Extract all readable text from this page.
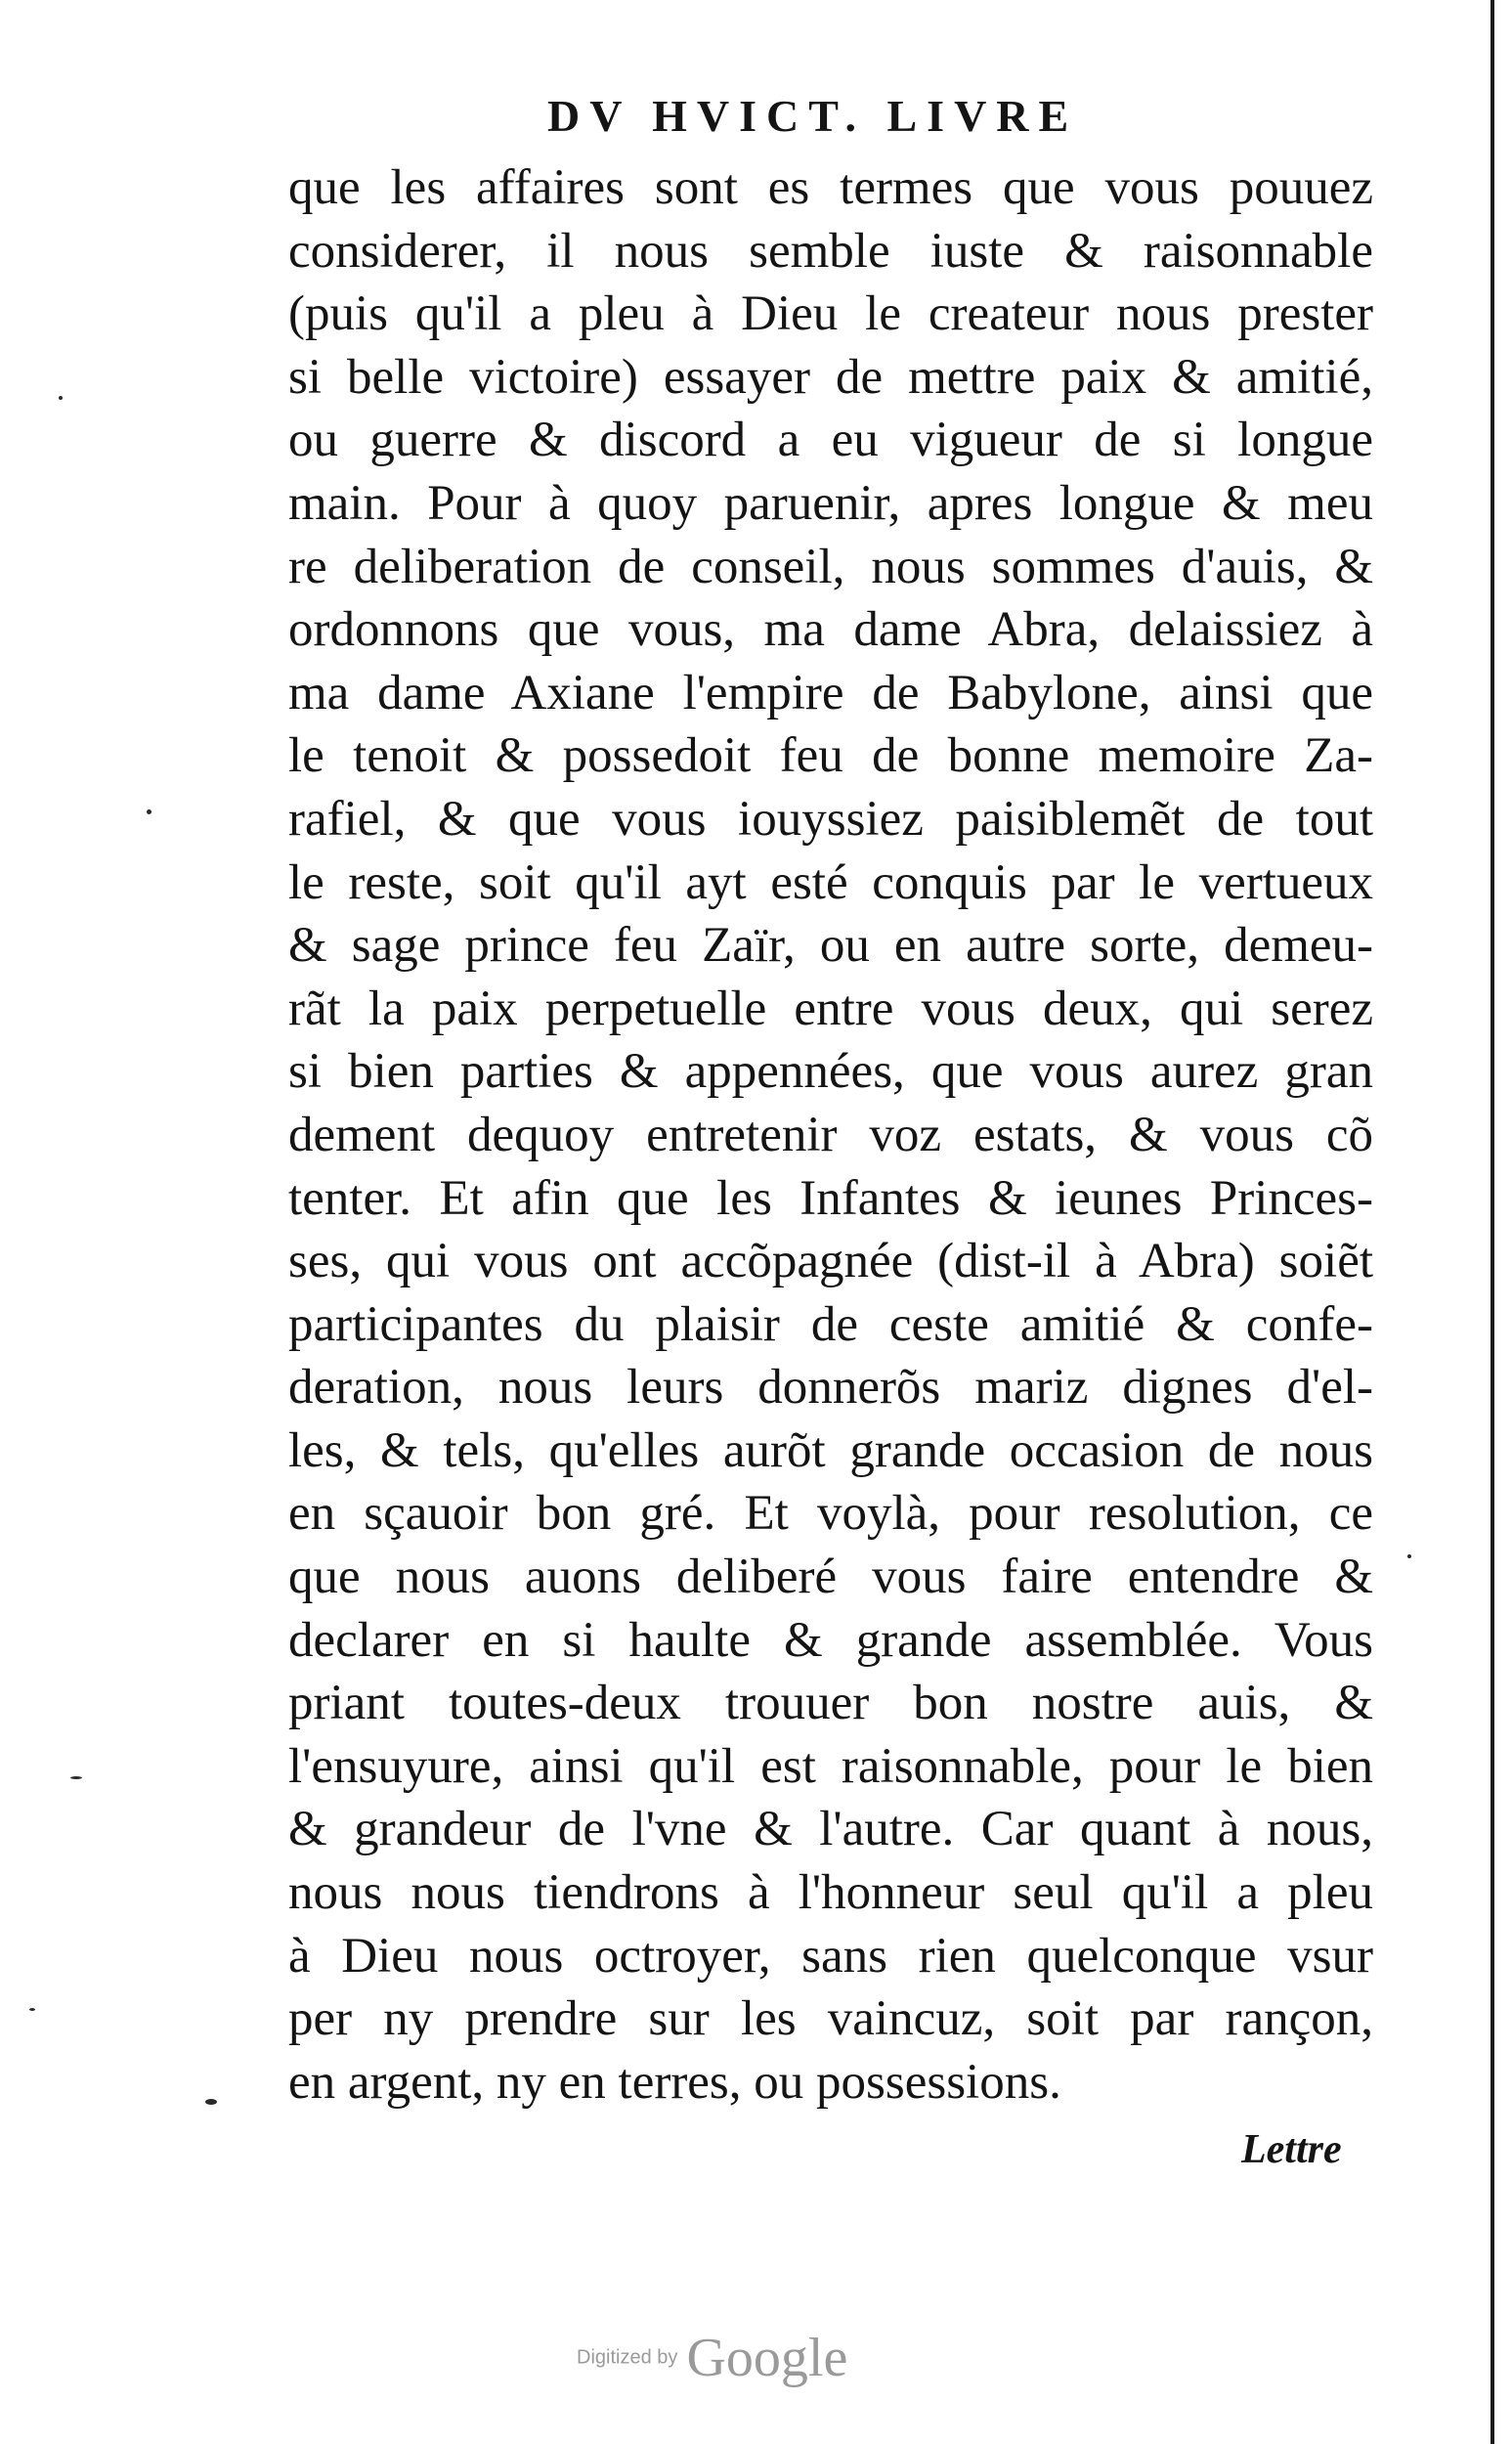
DV HVICT. LIVRE
que les affaires sont es termes que vous pouuez
considerer, il nous semble iuste & raisonnable
(puis qu'il a pleu à Dieu le createur nous prester
si belle victoire) essayer de mettre paix & amitié,
ou guerre & discord a eu vigueur de si longue
main. Pour à quoy paruenir, apres longue & meu
re deliberation de conseil, nous sommes d'auis, &
ordonnons que vous, ma dame Abra, delaissiez à
ma dame Axiane l'empire de Babylone, ainsi que
le tenoit & possedoit feu de bonne memoire Za-
rafiel, & que vous iouyssiez paisiblemẽt de tout
le reste, soit qu'il ayt esté conquis par le vertueux
& sage prince feu Zaïr, ou en autre sorte, demeu-
rãt la paix perpetuelle entre vous deux, qui serez
si bien parties & appennées, que vous aurez gran
dement dequoy entretenir voz estats, & vous cõ
tenter. Et afin que les Infantes & ieunes Princes-
ses, qui vous ont accõpagnée (dist-il à Abra) soiẽt
participantes du plaisir de ceste amitié & confe-
deration, nous leurs donnerõs mariz dignes d'el-
les, & tels, qu'elles aurõt grande occasion de nous
en sçauoir bon gré. Et voylà, pour resolution, ce
que nous auons deliberé vous faire entendre &
declarer en si haulte & grande assemblée. Vous
priant toutes-deux trouuer bon nostre auis, &
l'ensuyure, ainsi qu'il est raisonnable, pour le bien
& grandeur de l'vne & l'autre. Car quant à nous,
nous nous tiendrons à l'honneur seul qu'il a pleu
à Dieu nous octroyer, sans rien quelconque vsur
per ny prendre sur les vaincuz, soit par rançon,
en argent, ny en terres, ou possessions.
Lettre
Digitized by Google
